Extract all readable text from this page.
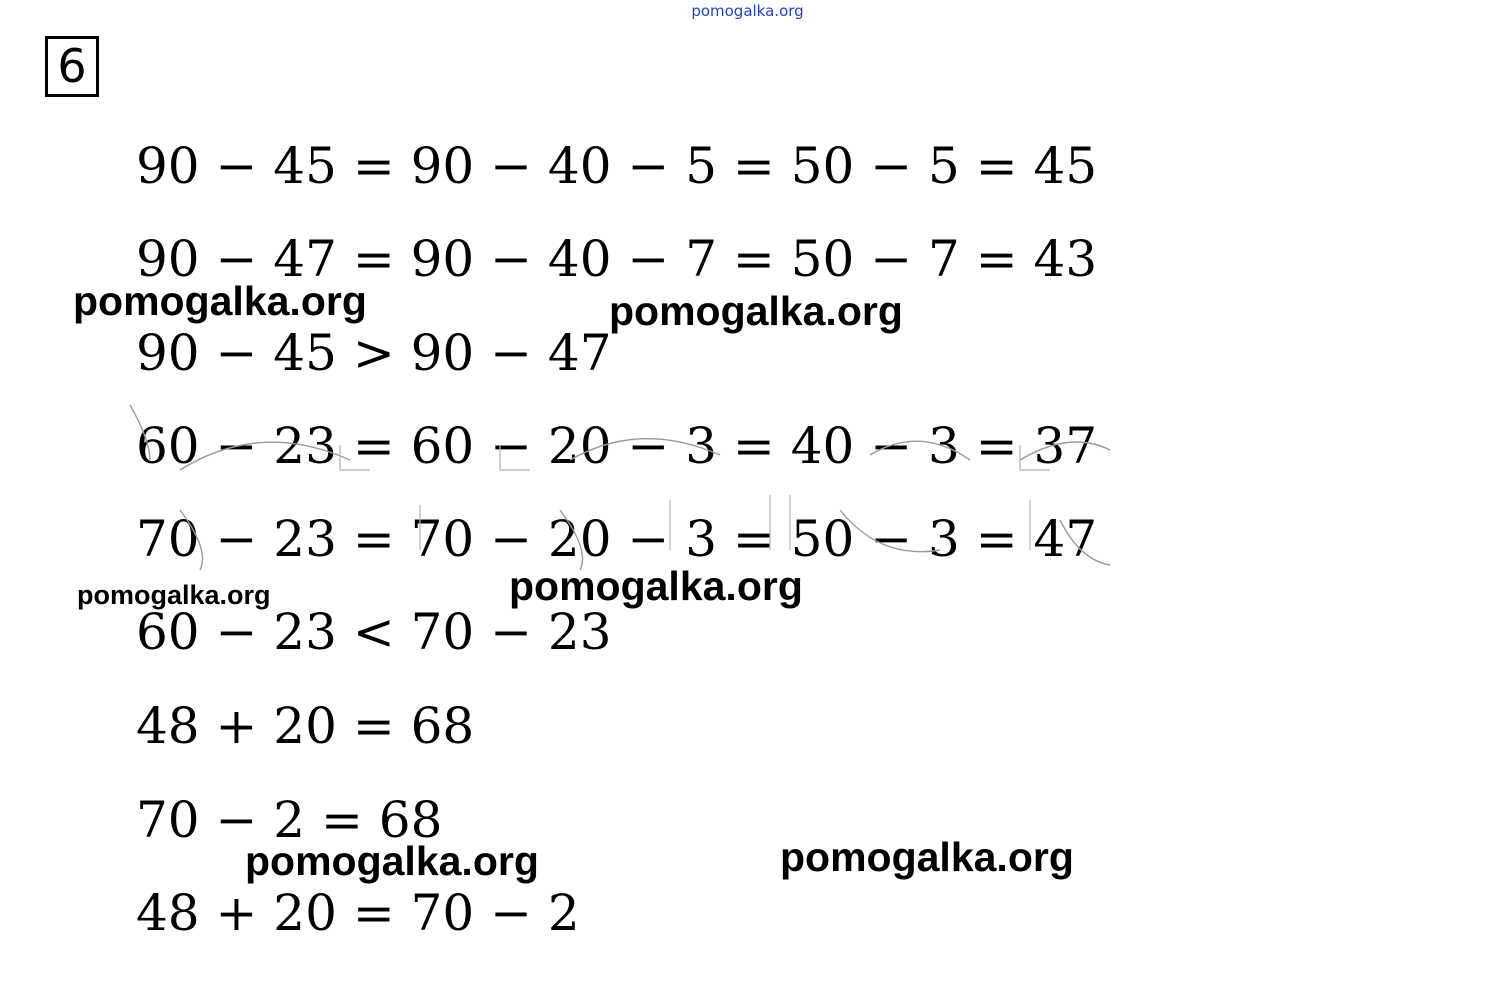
pomogalka.org
6
90 − 45 = 90 − 40 − 5 = 50 − 5 = 45
90 − 47 = 90 − 40 − 7 = 50 − 7 = 43
90 − 45 > 90 − 47
60 − 23 = 60 − 20 − 3 = 40 − 3 = 37
70 − 23 = 70 − 20 − 3 = 50 − 3 = 47
60 − 23 < 70 − 23
48 + 20 = 68
70 − 2 = 68
48 + 20 = 70 − 2
pomogalka.org	pomogalka.org
pomogalka.org	pomogalka.org
pomogalka.org	pomogalka.org
